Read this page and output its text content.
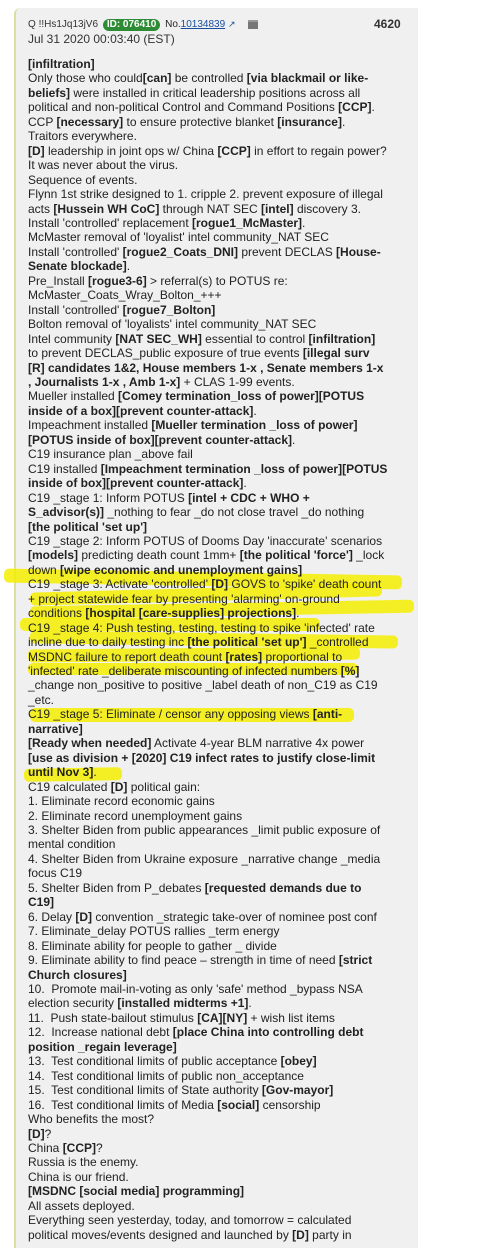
Q !!Hs1Jq13jV6 ID: 076410 No.10134839 ↗
Jul 31 2020 00:03:40 (EST)
4620
[infiltration]
Only those who could[can] be controlled [via blackmail or like-
beliefs] were installed in critical leadership positions across all
political and non-political Control and Command Positions [CCP].
CCP [necessary] to ensure protective blanket [insurance].
Traitors everywhere.
[D] leadership in joint ops w/ China [CCP] in effort to regain power?
It was never about the virus.
Sequence of events.
Flynn 1st strike designed to 1. cripple 2. prevent exposure of illegal
acts [Hussein WH CoC] through NAT SEC [intel] discovery 3.
Install 'controlled' replacement [rogue1_McMaster].
McMaster removal of 'loyalist' intel community_NAT SEC
Install 'controlled' [rogue2_Coats_DNI] prevent DECLAS [House-
Senate blockade].
Pre_Install [rogue3-6] > referral(s) to POTUS re:
McMaster_Coats_Wray_Bolton_+++
Install 'controlled' [rogue7_Bolton]
Bolton removal of 'loyalists' intel community_NAT SEC
Intel community [NAT SEC_WH] essential to control [infiltration]
to prevent DECLAS_public exposure of true events [illegal surv
[R] candidates 1&2, House members 1-x , Senate members 1-x
, Journalists 1-x , Amb 1-x] + CLAS 1-99 events.
Mueller installed [Comey termination_loss of power][POTUS
inside of a box][prevent counter-attack].
Impeachment installed [Mueller termination _loss of power]
[POTUS inside of box][prevent counter-attack].
C19 insurance plan _above fail
C19 installed [Impeachment termination _loss of power][POTUS
inside of box][prevent counter-attack].
C19 _stage 1: Inform POTUS [intel + CDC + WHO +
S_advisor(s)] _nothing to fear _do not close travel _do nothing
[the political 'set up']
C19 _stage 2: Inform POTUS of Dooms Day 'inaccurate' scenarios
[models] predicting death count 1mm+ [the political 'force'] _lock
down [wipe economic and unemployment gains]
C19 _stage 3: Activate 'controlled' [D] GOVS to 'spike' death count
+ project statewide fear by presenting 'alarming' on-ground
conditions [hospital [care-supplies] projections].
C19 _stage 4: Push testing, testing, testing to spike 'infected' rate
incline due to daily testing inc [the political 'set up'] _controlled
MSDNC failure to report death count [rates] proportional to
'infected' rate _deliberate miscounting of infected numbers [%]
_change non_positive to positive _label death of non_C19 as C19
_etc.
C19 _stage 5: Eliminate / censor any opposing views [anti-
narrative]
[Ready when needed] Activate 4-year BLM narrative 4x power
[use as division + [2020] C19 infect rates to justify close-limit
until Nov 3].
C19 calculated [D] political gain:
1. Eliminate record economic gains
2. Eliminate record unemployment gains
3. Shelter Biden from public appearances _limit public exposure of
mental condition
4. Shelter Biden from Ukraine exposure _narrative change _media
focus C19
5. Shelter Biden from P_debates [requested demands due to
C19]
6. Delay [D] convention _strategic take-over of nominee post conf
7. Eliminate_delay POTUS rallies _term energy
8. Eliminate ability for people to gather _ divide
9. Eliminate ability to find peace – strength in time of need [strict
Church closures]
10.  Promote mail-in-voting as only 'safe' method _bypass NSA
election security [installed midterms +1].
11.  Push state-bailout stimulus [CA][NY] + wish list items
12.  Increase national debt [place China into controlling debt
position _regain leverage]
13.  Test conditional limits of public acceptance [obey]
14.  Test conditional limits of public non_acceptance
15.  Test conditional limits of State authority [Gov-mayor]
16.  Test conditional limits of Media [social] censorship
Who benefits the most?
[D]?
China [CCP]?
Russia is the enemy.
China is our friend.
[MSDNC [social media] programming]
All assets deployed.
Everything seen yesterday, today, and tomorrow = calculated
political moves/events designed and launched by [D] party in
